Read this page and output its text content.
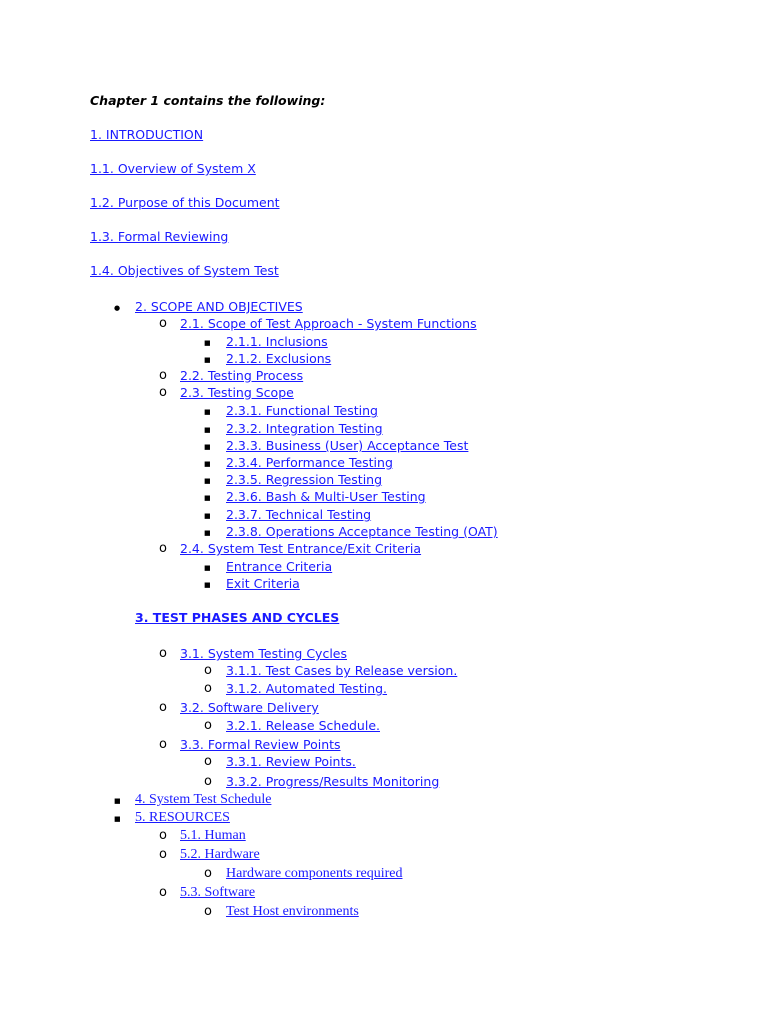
Chapter 1 contains the following:
1. INTRODUCTION
1.1. Overview of System X
1.2. Purpose of this Document
1.3. Formal Reviewing
1.4. Objectives of System Test
●
2. SCOPE AND OBJECTIVES
o
2.1. Scope of Test Approach - System Functions
■
2.1.1. Inclusions
■
2.1.2. Exclusions
o
2.2. Testing Process
o
2.3. Testing Scope
■
2.3.1. Functional Testing
■
2.3.2. Integration Testing
■
2.3.3. Business (User) Acceptance Test
■
2.3.4. Performance Testing
■
2.3.5. Regression Testing
■
2.3.6. Bash & Multi-User Testing
■
2.3.7. Technical Testing
■
2.3.8. Operations Acceptance Testing (OAT)
o
2.4. System Test Entrance/Exit Criteria
■
Entrance Criteria
■
Exit Criteria
3. TEST PHASES AND CYCLES
o
3.1. System Testing Cycles
o
3.1.1. Test Cases by Release version.
o
3.1.2. Automated Testing.
o
3.2. Software Delivery
o
3.2.1. Release Schedule.
o
3.3. Formal Review Points
o
3.3.1. Review Points.
o
3.3.2. Progress/Results Monitoring
■
4. System Test Schedule
■
5. RESOURCES
o
5.1. Human
o
5.2. Hardware
o
Hardware components required
o
5.3. Software
o
Test Host environments
